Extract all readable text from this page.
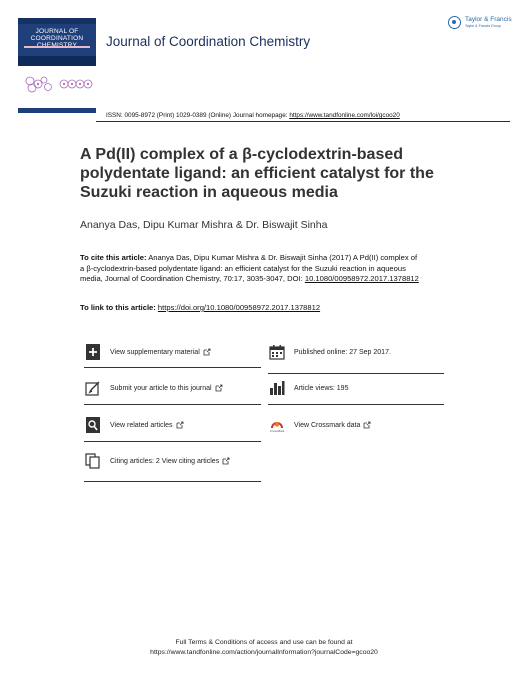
JOURNAL OF
COORDINATION	Journal of Coordination Chemistry
Taylor & Francis
Taylor & Francis Group
ISSN: 0095-8972 (Print) 1029-0389 (Online) Journal homepage: https://www.tandfonline.com/loi/gcoo20
A Pd(II) complex of a β-cyclodextrin-based polydentate ligand: an efficient catalyst for the Suzuki reaction in aqueous media
Ananya Das, Dipu Kumar Mishra & Dr. Biswajit Sinha
To cite this article: Ananya Das, Dipu Kumar Mishra & Dr. Biswajit Sinha (2017) A Pd(II) complex of a β-cyclodextrin-based polydentate ligand: an efficient catalyst for the Suzuki reaction in aqueous media, Journal of Coordination Chemistry, 70:17, 3035-3047, DOI: 10.1080/00958972.2017.1378812
To link to this article: https://doi.org/10.1080/00958972.2017.1378812
View supplementary material	Published online: 27 Sep 2017.
Submit your article to this journal	Article views: 195
View related articles
CrossMark
View Crossmark data
Citing articles: 2 View citing articles
Full Terms & Conditions of access and use can be found at
https://www.tandfonline.com/action/journalInformation?journalCode=gcoo20
